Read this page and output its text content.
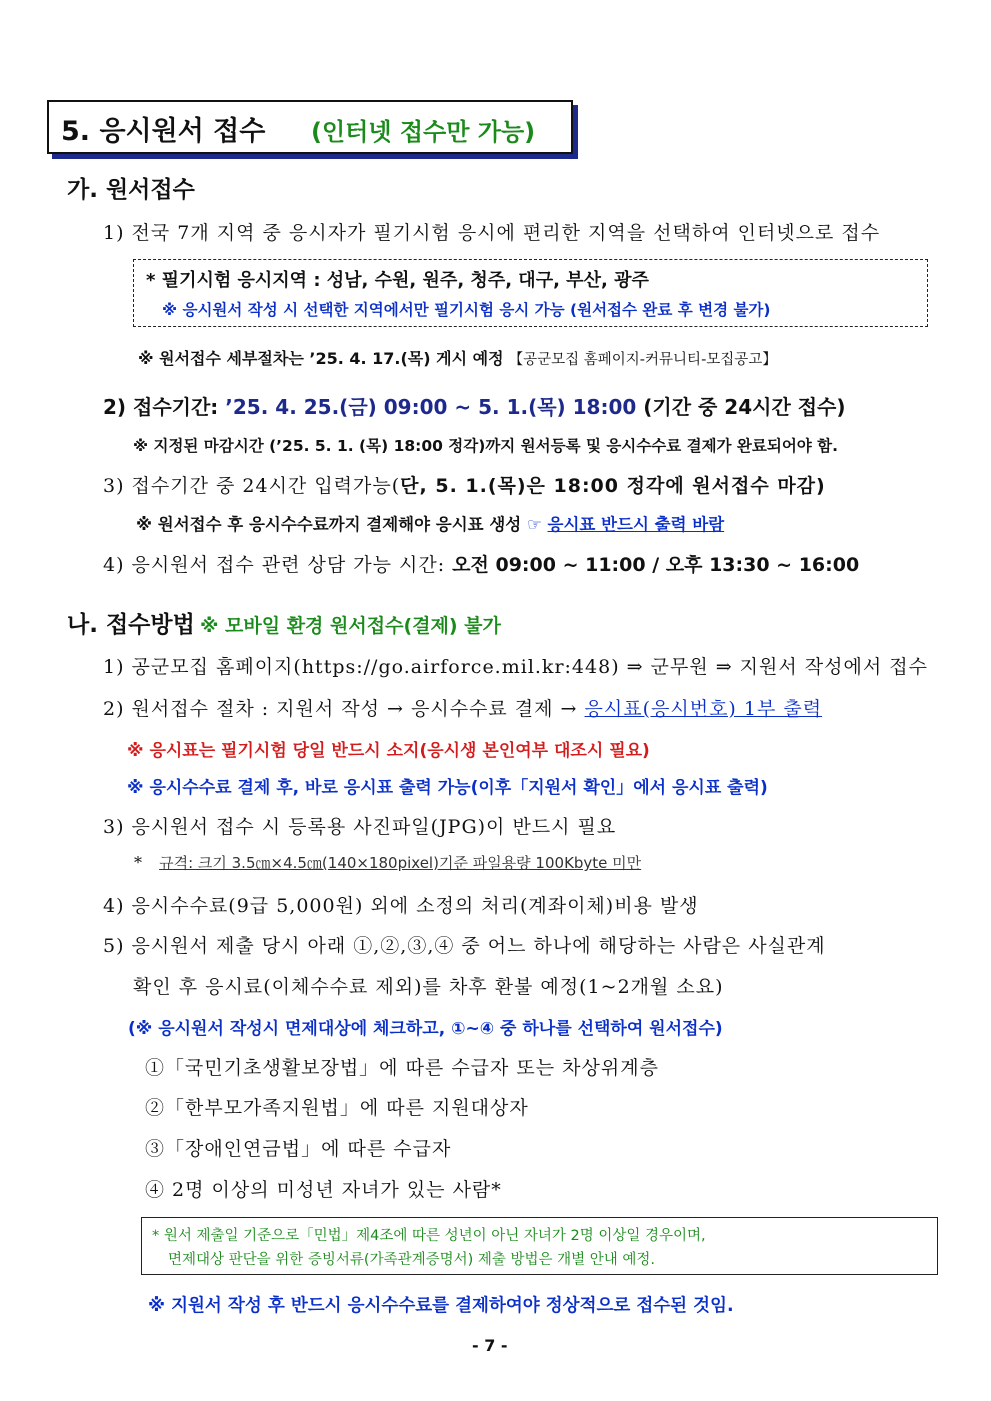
5. 응시원서 접수 (인터넷 접수만 가능)
가. 원서접수
1) 전국 7개 지역 중 응시자가 필기시험 응시에 편리한 지역을 선택하여 인터넷으로 접수
* 필기시험 응시지역 : 성남, 수원, 원주, 청주, 대구, 부산, 광주
※ 응시원서 작성 시 선택한 지역에서만 필기시험 응시 가능 (원서접수 완료 후 변경 불가)
※ 원서접수 세부절차는 ’25. 4. 17.(목) 게시 예정 【공군모집 홈페이지-커뮤니티-모집공고】
2) 접수기간: ’25. 4. 25.(금) 09:00 ~ 5. 1.(목) 18:00 (기간 중 24시간 접수)
※ 지정된 마감시간 (’25. 5. 1. (목) 18:00 정각)까지 원서등록 및 응시수수료 결제가 완료되어야 함.
3) 접수기간 중 24시간 입력가능(단, 5. 1.(목)은 18:00 정각에 원서접수 마감)
※ 원서접수 후 응시수수료까지 결제해야 응시표 생성 ☞ 응시표 반드시 출력 바람
4) 응시원서 접수 관련 상담 가능 시간: 오전 09:00 ~ 11:00 / 오후 13:30 ~ 16:00
나. 접수방법 ※ 모바일 환경 원서접수(결제) 불가
1) 공군모집 홈페이지(https://go.airforce.mil.kr:448) ⇒ 군무원 ⇒ 지원서 작성에서 접수
2) 원서접수 절차 : 지원서 작성 → 응시수수료 결제 → 응시표(응시번호) 1부 출력
※ 응시표는 필기시험 당일 반드시 소지(응시생 본인여부 대조시 필요)
※ 응시수수료 결제 후, 바로 응시표 출력 가능(이후「지원서 확인」에서 응시표 출력)
3) 응시원서 접수 시 등록용 사진파일(JPG)이 반드시 필요
* 규격: 크기 3.5㎝×4.5㎝(140×180pixel)기준 파일용량 100Kbyte 미만
4) 응시수수료(9급 5,000원) 외에 소정의 처리(계좌이체)비용 발생
5) 응시원서 제출 당시 아래 ①,②,③,④ 중 어느 하나에 해당하는 사람은 사실관계
확인 후 응시료(이체수수료 제외)를 차후 환불 예정(1~2개월 소요)
(※ 응시원서 작성시 면제대상에 체크하고, ①~④ 중 하나를 선택하여 원서접수)
①「국민기초생활보장법」에 따른 수급자 또는 차상위계층
②「한부모가족지원법」에 따른 지원대상자
③「장애인연금법」에 따른 수급자
④ 2명 이상의 미성년 자녀가 있는 사람*
* 원서 제출일 기준으로「민법」제4조에 따른 성년이 아닌 자녀가 2명 이상일 경우이며,
면제대상 판단을 위한 증빙서류(가족관계증명서) 제출 방법은 개별 안내 예정.
※ 지원서 작성 후 반드시 응시수수료를 결제하여야 정상적으로 접수된 것임.
- 7 -
